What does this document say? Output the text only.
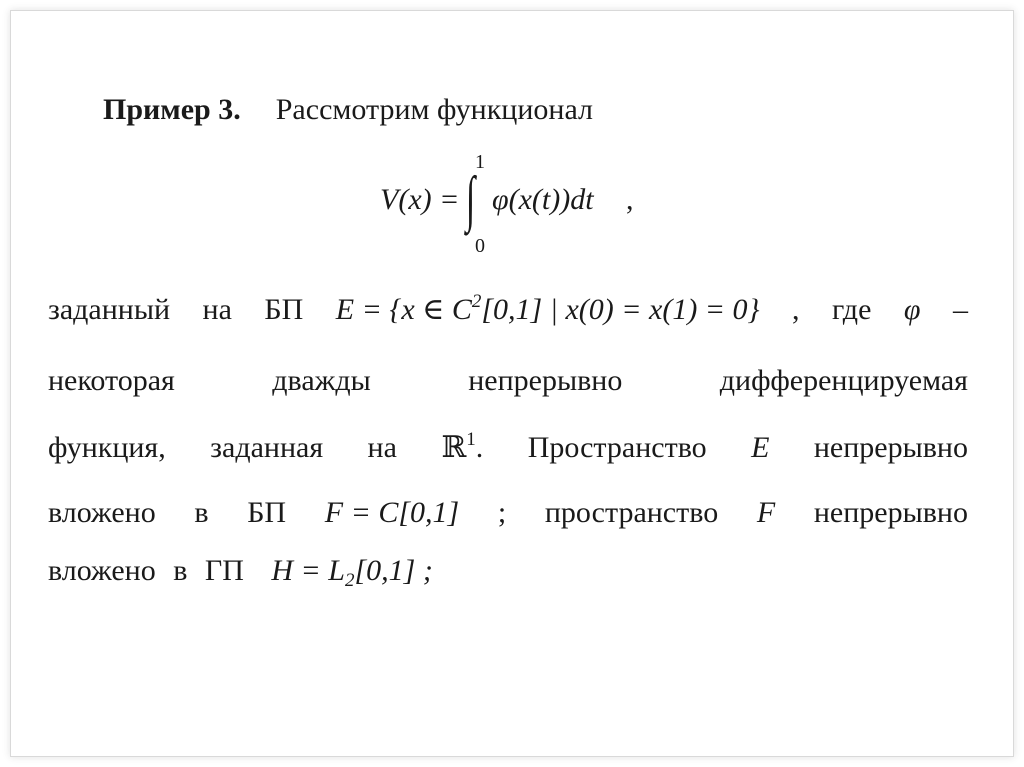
Пример 3. Рассмотрим функционал
V(x) =
1
∫
0
φ(x(t))dt ,
заданный на БП E = {x ∈ $C^2[0,1]$ | x(0) = x(1) = 0} , где φ –
некоторая	дважды	непрерывно	дифференцируемая
функция, заданная на ℝ$^1$. Пространство E непрерывно
вложено в БП F = C[0,1] ; пространство F непрерывно
вложено в ГП $H = L_2[0,1]$ ;
